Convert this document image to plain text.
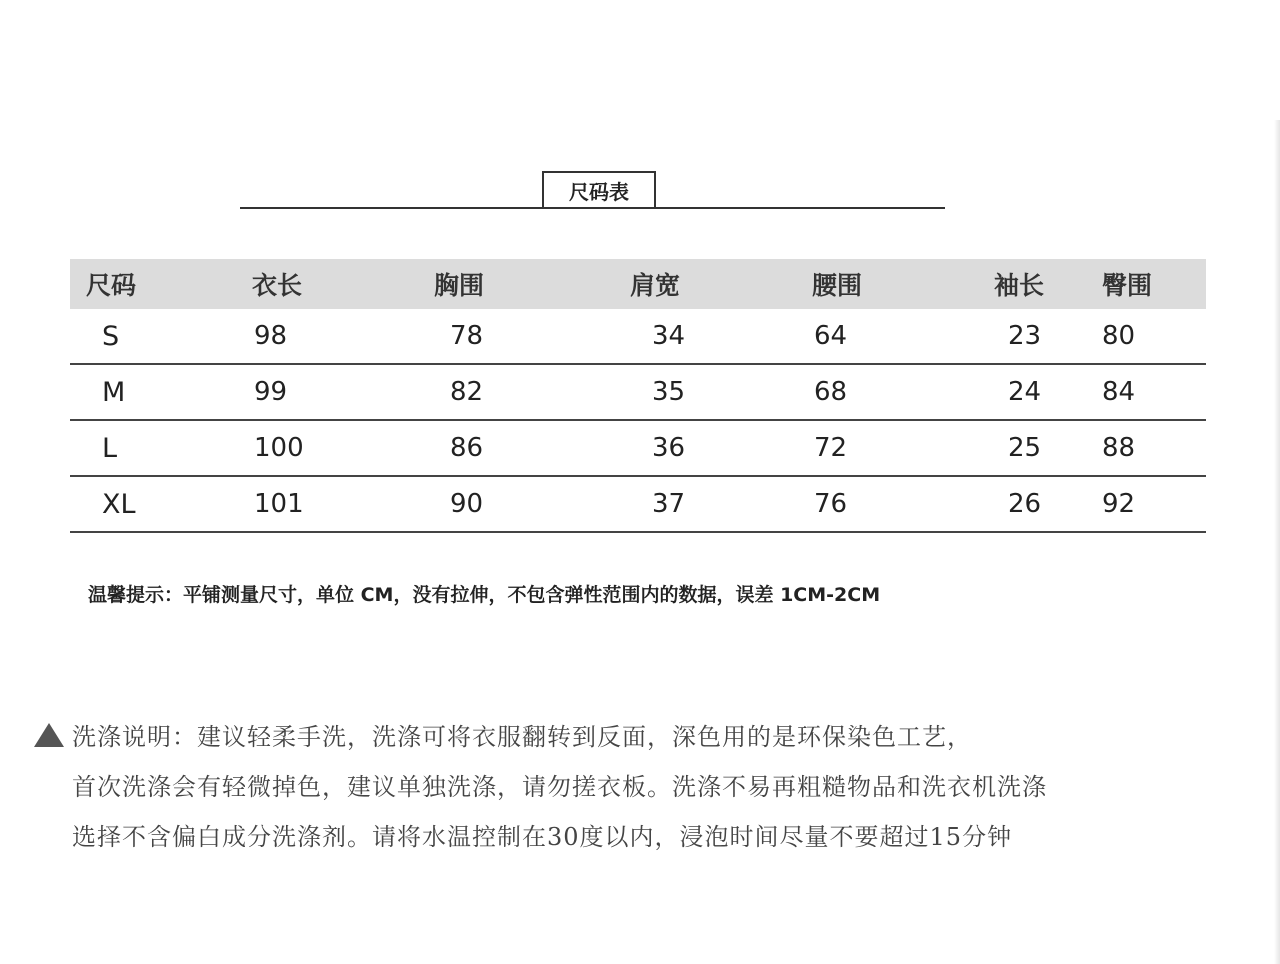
尺码表
尺码	衣长	胸围	肩宽	腰围	袖长 臀围
S	98	78	34	64	23 80
M	99	82	35	68	24 84
L	100	86	36	72	25 88
XL	101	90	37	76	26 92
温馨提示：平铺测量尺寸，单位 CM，没有拉伸，不包含弹性范围内的数据，误差 1CM-2CM
洗涤说明：建议轻柔手洗，洗涤可将衣服翻转到反面，深色用的是环保染色工艺，
首次洗涤会有轻微掉色，建议单独洗涤，请勿搓衣板。洗涤不易再粗糙物品和洗衣机洗涤
选择不含偏白成分洗涤剂。请将水温控制在30度以内，浸泡时间尽量不要超过15分钟
